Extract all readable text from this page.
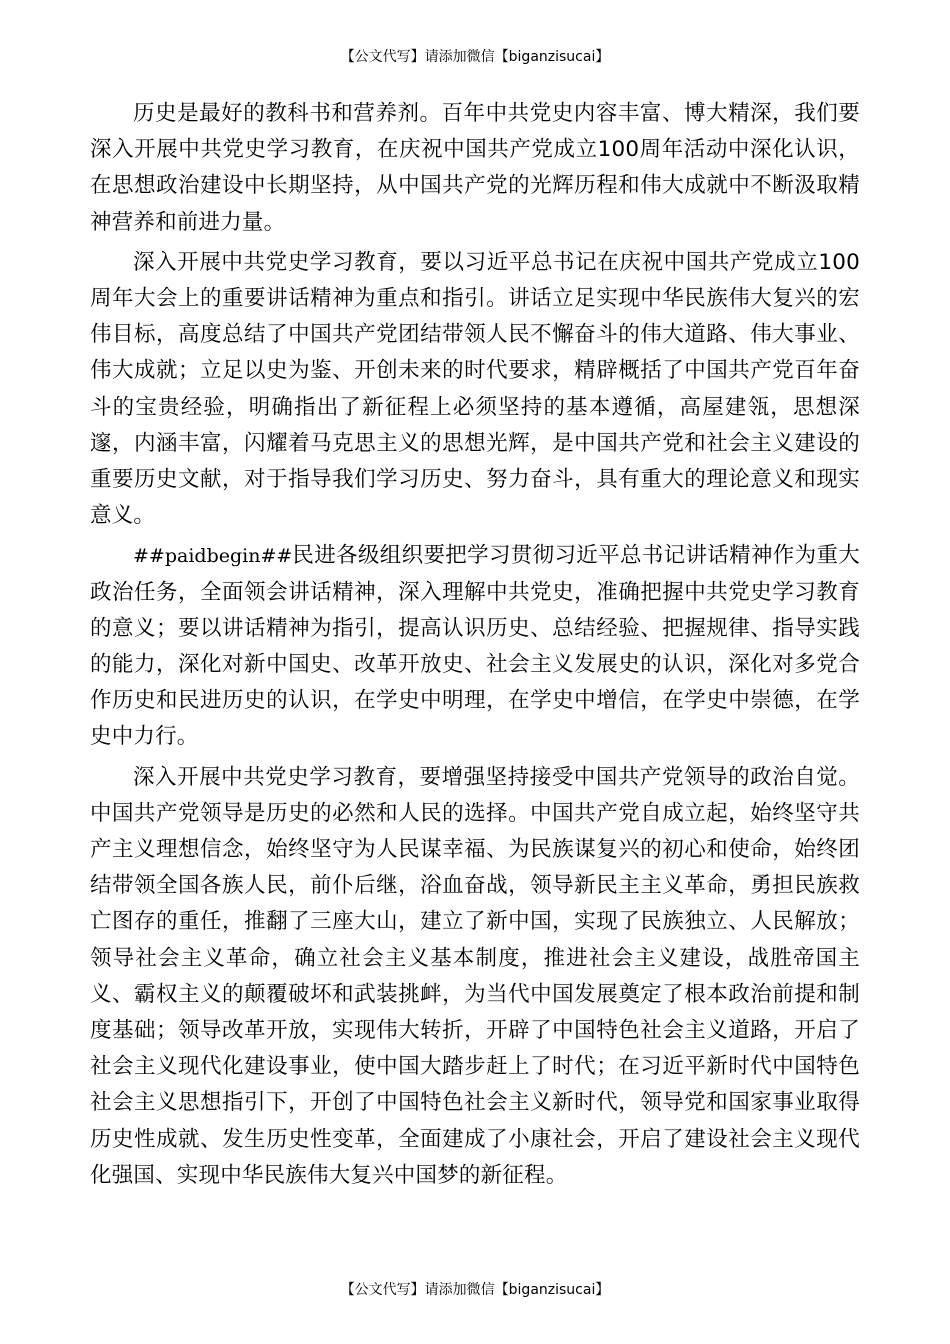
【公文代写】请添加微信【biganzisucai】

历史是最好的教科书和营养剂。百年中共党史内容丰富、博大精深，我们要深入开展中共党史学习教育，在庆祝中国共产党成立100周年活动中深化认识，在思想政治建设中长期坚持，从中国共产党的光辉历程和伟大成就中不断汲取精神营养和前进力量。

深入开展中共党史学习教育，要以习近平总书记在庆祝中国共产党成立100周年大会上的重要讲话精神为重点和指引。讲话立足实现中华民族伟大复兴的宏伟目标，高度总结了中国共产党团结带领人民不懈奋斗的伟大道路、伟大事业、伟大成就；立足以史为鉴、开创未来的时代要求，精辟概括了中国共产党百年奋斗的宝贵经验，明确指出了新征程上必须坚持的基本遵循，高屋建瓴，思想深邃，内涵丰富，闪耀着马克思主义的思想光辉，是中国共产党和社会主义建设的重要历史文献，对于指导我们学习历史、努力奋斗，具有重大的理论意义和现实意义。

##paidbegin##民进各级组织要把学习贯彻习近平总书记讲话精神作为重大政治任务，全面领会讲话精神，深入理解中共党史，准确把握中共党史学习教育的意义；要以讲话精神为指引，提高认识历史、总结经验、把握规律、指导实践的能力，深化对新中国史、改革开放史、社会主义发展史的认识，深化对多党合作历史和民进历史的认识，在学史中明理，在学史中增信，在学史中崇德，在学史中力行。

深入开展中共党史学习教育，要增强坚持接受中国共产党领导的政治自觉。中国共产党领导是历史的必然和人民的选择。中国共产党自成立起，始终坚守共产主义理想信念，始终坚守为人民谋幸福、为民族谋复兴的初心和使命，始终团结带领全国各族人民，前仆后继，浴血奋战，领导新民主主义革命，勇担民族救亡图存的重任，推翻了三座大山，建立了新中国，实现了民族独立、人民解放；领导社会主义革命，确立社会主义基本制度，推进社会主义建设，战胜帝国主义、霸权主义的颠覆破坏和武装挑衅，为当代中国发展奠定了根本政治前提和制度基础；领导改革开放，实现伟大转折，开辟了中国特色社会主义道路，开启了社会主义现代化建设事业，使中国大踏步赶上了时代；在习近平新时代中国特色社会主义思想指引下，开创了中国特色社会主义新时代，领导党和国家事业取得历史性成就、发生历史性变革，全面建成了小康社会，开启了建设社会主义现代化强国、实现中华民族伟大复兴中国梦的新征程。

【公文代写】请添加微信【biganzisucai】
